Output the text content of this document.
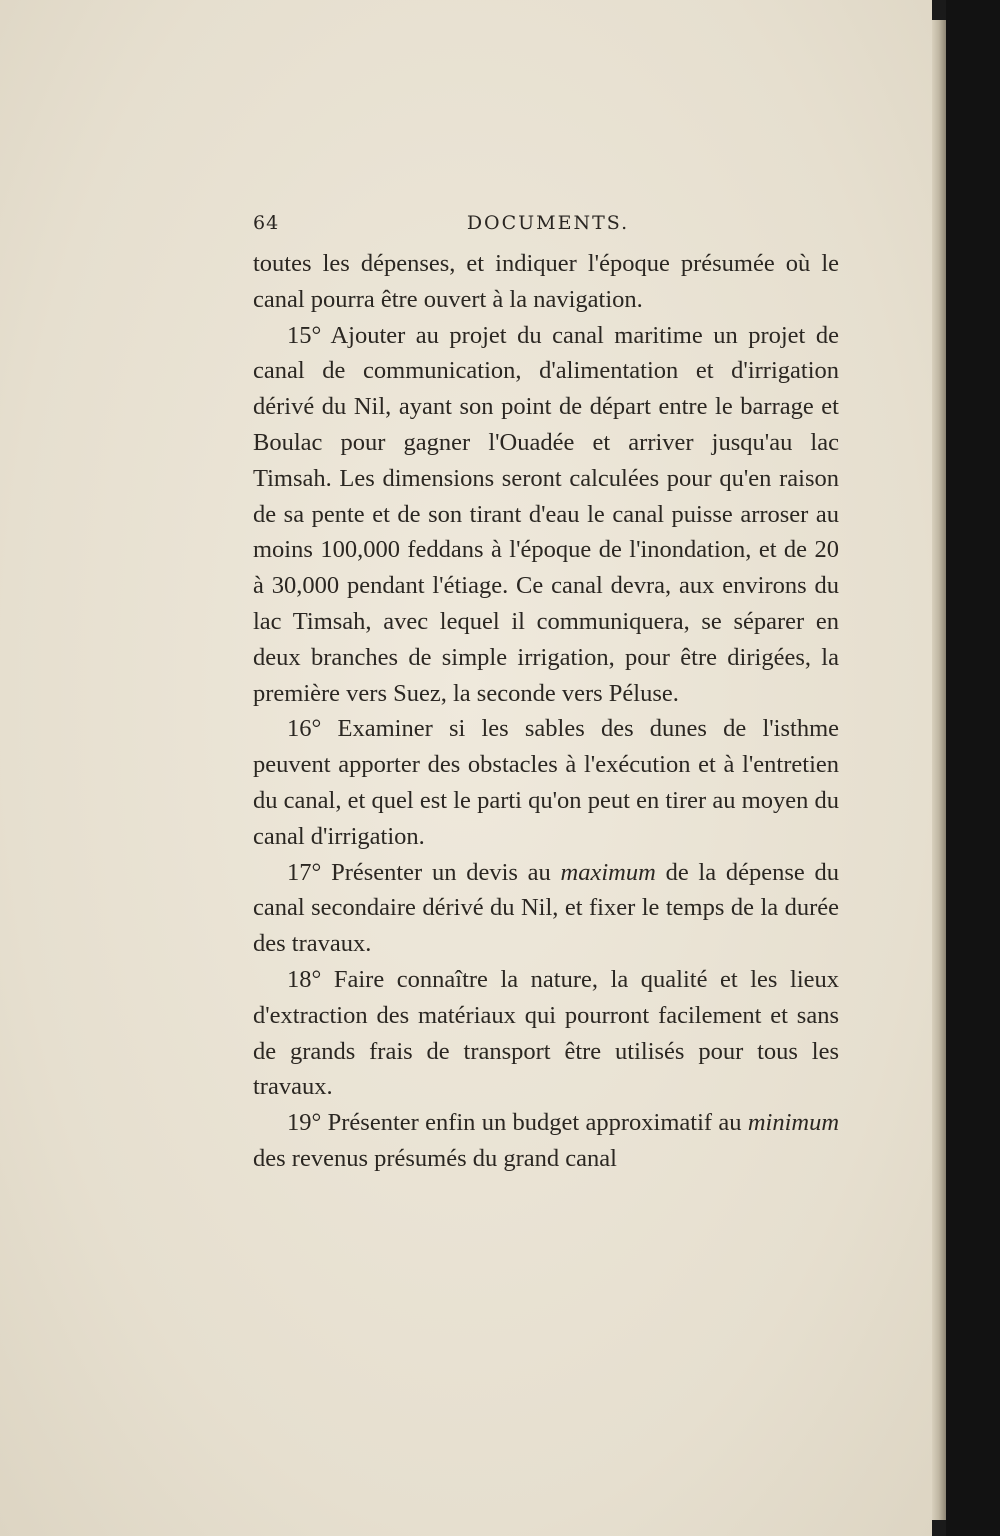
64	DOCUMENTS.

toutes les dépenses, et indiquer l'époque présumée où le canal pourra être ouvert à la navigation.

15° Ajouter au projet du canal maritime un projet de canal de communication, d'alimentation et d'irrigation dérivé du Nil, ayant son point de départ entre le barrage et Boulac pour gagner l'Ouadée et arriver jusqu'au lac Timsah. Les dimensions seront calculées pour qu'en raison de sa pente et de son tirant d'eau le canal puisse arroser au moins 100,000 feddans à l'époque de l'inondation, et de 20 à 30,000 pendant l'étiage. Ce canal devra, aux environs du lac Timsah, avec lequel il communiquera, se séparer en deux branches de simple irrigation, pour être dirigées, la première vers Suez, la seconde vers Péluse.

16° Examiner si les sables des dunes de l'isthme peuvent apporter des obstacles à l'exécution et à l'entretien du canal, et quel est le parti qu'on peut en tirer au moyen du canal d'irrigation.

17° Présenter un devis au maximum de la dépense du canal secondaire dérivé du Nil, et fixer le temps de la durée des travaux.

18° Faire connaître la nature, la qualité et les lieux d'extraction des matériaux qui pourront facilement et sans de grands frais de transport être utilisés pour tous les travaux.

19° Présenter enfin un budget approximatif au minimum des revenus présumés du grand canal
